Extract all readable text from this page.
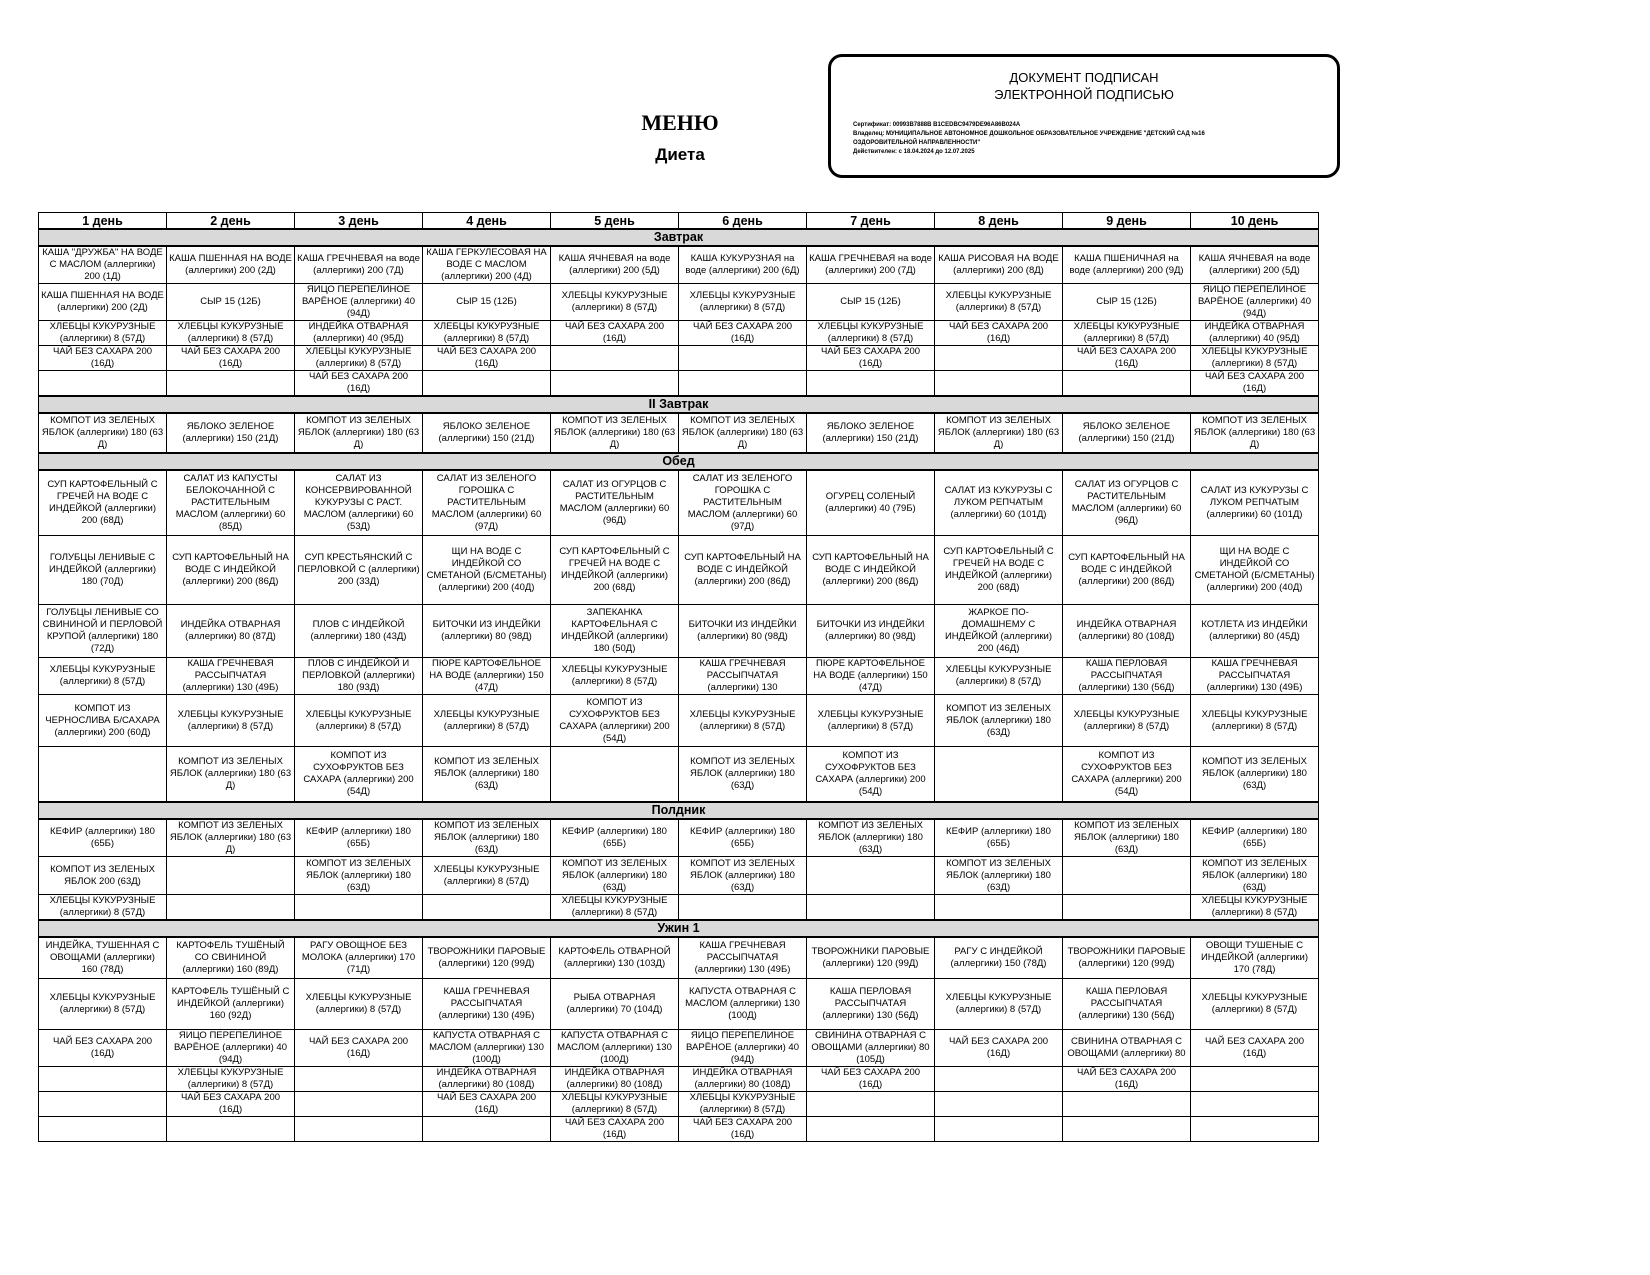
МЕНЮ
Диета
ДОКУМЕНТ ПОДПИСАН
ЭЛЕКТРОННОЙ ПОДПИСЬЮ
Сертификат: 00993B7888B B1CEDBC9479DE96A86B024A
Владелец: МУНИЦИПАЛЬНОЕ АВТОНОМНОЕ ДОШКОЛЬНОЕ ОБРАЗОВАТЕЛЬНОЕ УЧРЕЖДЕНИЕ "ДЕТСКИЙ САД №16
ОЗДОРОВИТЕЛЬНОЙ НАПРАВЛЕННОСТИ"
Действителен: с 18.04.2024 до 12.07.2025
1 день	2 день	3 день	4 день	5 день	6 день	7 день	8 день	9 день	10 день
Завтрак									
КАША "ДРУЖБА" НА ВОДЕ С МАСЛОМ (аллергики) 200 (1Д)	КАША ПШЕННАЯ НА ВОДЕ (аллергики) 200 (2Д)	КАША ГРЕЧНЕВАЯ на воде (аллергики) 200 (7Д)	КАША ГЕРКУЛЕСОВАЯ НА ВОДЕ С МАСЛОМ (аллергики) 200 (4Д)	КАША ЯЧНЕВАЯ на воде (аллергики) 200 (5Д)	КАША КУКУРУЗНАЯ на воде (аллергики) 200 (6Д)	КАША ГРЕЧНЕВАЯ на воде (аллергики) 200 (7Д)	КАША РИСОВАЯ НА ВОДЕ (аллергики) 200 (8Д)	КАША ПШЕНИЧНАЯ на воде (аллергики) 200 (9Д)	КАША ЯЧНЕВАЯ на воде (аллергики) 200 (5Д)
КАША ПШЕННАЯ НА ВОДЕ (аллергики) 200 (2Д)	СЫР 15 (12Б)	ЯИЦО ПЕРЕПЕЛИНОЕ ВАРЁНОЕ (аллергики) 40 (94Д)	СЫР 15 (12Б)	ХЛЕБЦЫ КУКУРУЗНЫЕ (аллергики) 8 (57Д)	ХЛЕБЦЫ КУКУРУЗНЫЕ (аллергики) 8 (57Д)	СЫР 15 (12Б)	ХЛЕБЦЫ КУКУРУЗНЫЕ (аллергики) 8 (57Д)	СЫР 15 (12Б)	ЯИЦО ПЕРЕПЕЛИНОЕ ВАРЁНОЕ (аллергики) 40 (94Д)
ХЛЕБЦЫ КУКУРУЗНЫЕ (аллергики) 8 (57Д)	ХЛЕБЦЫ КУКУРУЗНЫЕ (аллергики) 8 (57Д)	ИНДЕЙКА ОТВАРНАЯ (аллергики) 40 (95Д)	ХЛЕБЦЫ КУКУРУЗНЫЕ (аллергики) 8 (57Д)	ЧАЙ БЕЗ САХАРА 200 (16Д)	ЧАЙ БЕЗ САХАРА 200 (16Д)	ХЛЕБЦЫ КУКУРУЗНЫЕ (аллергики) 8 (57Д)	ЧАЙ БЕЗ САХАРА 200 (16Д)	ХЛЕБЦЫ КУКУРУЗНЫЕ (аллергики) 8 (57Д)	ИНДЕЙКА ОТВАРНАЯ (аллергики) 40 (95Д)
ЧАЙ БЕЗ САХАРА 200 (16Д)	ЧАЙ БЕЗ САХАРА 200 (16Д)	ХЛЕБЦЫ КУКУРУЗНЫЕ (аллергики) 8 (57Д)	ЧАЙ БЕЗ САХАРА 200 (16Д)			ЧАЙ БЕЗ САХАРА 200 (16Д)		ЧАЙ БЕЗ САХАРА 200 (16Д)	ХЛЕБЦЫ КУКУРУЗНЫЕ (аллергики) 8 (57Д)
		ЧАЙ БЕЗ САХАРА 200 (16Д)							ЧАЙ БЕЗ САХАРА 200 (16Д)
II Завтрак									
КОМПОТ ИЗ ЗЕЛЕНЫХ ЯБЛОК (аллергики) 180 (63 Д)	ЯБЛОКО ЗЕЛЕНОЕ (аллергики) 150 (21Д)	КОМПОТ ИЗ ЗЕЛЕНЫХ ЯБЛОК (аллергики) 180 (63 Д)	ЯБЛОКО ЗЕЛЕНОЕ (аллергики) 150 (21Д)	КОМПОТ ИЗ ЗЕЛЕНЫХ ЯБЛОК (аллергики) 180 (63 Д)	КОМПОТ ИЗ ЗЕЛЕНЫХ ЯБЛОК (аллергики) 180 (63 Д)	ЯБЛОКО ЗЕЛЕНОЕ (аллергики) 150 (21Д)	КОМПОТ ИЗ ЗЕЛЕНЫХ ЯБЛОК (аллергики) 180 (63 Д)	ЯБЛОКО ЗЕЛЕНОЕ (аллергики) 150 (21Д)	КОМПОТ ИЗ ЗЕЛЕНЫХ ЯБЛОК (аллергики) 180 (63 Д)
Обед									
СУП КАРТОФЕЛЬНЫЙ С ГРЕЧЕЙ НА ВОДЕ С ИНДЕЙКОЙ (аллергики) 200 (68Д)	САЛАТ ИЗ КАПУСТЫ БЕЛОКОЧАННОЙ С РАСТИТЕЛЬНЫМ МАСЛОМ (аллергики) 60 (85Д)	САЛАТ ИЗ КОНСЕРВИРОВАННОЙ КУКУРУЗЫ С РАСТ. МАСЛОМ (аллергики) 60 (53Д)	САЛАТ ИЗ ЗЕЛЕНОГО ГОРОШКА С РАСТИТЕЛЬНЫМ МАСЛОМ (аллергики) 60 (97Д)	САЛАТ ИЗ ОГУРЦОВ С РАСТИТЕЛЬНЫМ МАСЛОМ (аллергики) 60 (96Д)	САЛАТ ИЗ ЗЕЛЕНОГО ГОРОШКА С РАСТИТЕЛЬНЫМ МАСЛОМ (аллергики) 60 (97Д)	ОГУРЕЦ СОЛЕНЫЙ (аллергики) 40 (79Б)	САЛАТ ИЗ КУКУРУЗЫ С ЛУКОМ РЕПЧАТЫМ (аллергики) 60 (101Д)	САЛАТ ИЗ ОГУРЦОВ С РАСТИТЕЛЬНЫМ МАСЛОМ (аллергики) 60 (96Д)	САЛАТ ИЗ КУКУРУЗЫ С ЛУКОМ РЕПЧАТЫМ (аллергики) 60 (101Д)
ГОЛУБЦЫ ЛЕНИВЫЕ С ИНДЕЙКОЙ (аллергики) 180 (70Д)	СУП КАРТОФЕЛЬНЫЙ НА ВОДЕ С ИНДЕЙКОЙ (аллергики) 200 (86Д)	СУП КРЕСТЬЯНСКИЙ С ПЕРЛОВКОЙ С (аллергики) 200 (33Д)	ЩИ НА ВОДЕ С ИНДЕЙКОЙ СО СМЕТАНОЙ (Б/СМЕТАНЫ) (аллергики) 200 (40Д)	СУП КАРТОФЕЛЬНЫЙ С ГРЕЧЕЙ НА ВОДЕ С ИНДЕЙКОЙ (аллергики) 200 (68Д)	СУП КАРТОФЕЛЬНЫЙ НА ВОДЕ С ИНДЕЙКОЙ (аллергики) 200 (86Д)	СУП КАРТОФЕЛЬНЫЙ НА ВОДЕ С ИНДЕЙКОЙ (аллергики) 200 (86Д)	СУП КАРТОФЕЛЬНЫЙ С ГРЕЧЕЙ НА ВОДЕ С ИНДЕЙКОЙ (аллергики) 200 (68Д)	СУП КАРТОФЕЛЬНЫЙ НА ВОДЕ С ИНДЕЙКОЙ (аллергики) 200 (86Д)	ЩИ НА ВОДЕ С ИНДЕЙКОЙ СО СМЕТАНОЙ (Б/СМЕТАНЫ) (аллергики) 200 (40Д)
ГОЛУБЦЫ ЛЕНИВЫЕ СО СВИНИНОЙ И ПЕРЛОВОЙ КРУПОЙ (аллергики) 180 (72Д)	ИНДЕЙКА ОТВАРНАЯ (аллергики) 80 (87Д)	ПЛОВ С ИНДЕЙКОЙ (аллергики) 180 (43Д)	БИТОЧКИ ИЗ ИНДЕЙКИ (аллергики) 80 (98Д)	ЗАПЕКАНКА КАРТОФЕЛЬНАЯ С ИНДЕЙКОЙ (аллергики) 180 (50Д)	БИТОЧКИ ИЗ ИНДЕЙКИ (аллергики) 80 (98Д)	БИТОЧКИ ИЗ ИНДЕЙКИ (аллергики) 80 (98Д)	ЖАРКОЕ ПО-ДОМАШНЕМУ С ИНДЕЙКОЙ (аллергики) 200 (46Д)	ИНДЕЙКА ОТВАРНАЯ (аллергики) 80 (108Д)	КОТЛЕТА ИЗ ИНДЕЙКИ (аллергики) 80 (45Д)
ХЛЕБЦЫ КУКУРУЗНЫЕ (аллергики) 8 (57Д)	КАША ГРЕЧНЕВАЯ РАССЫПЧАТАЯ (аллергики) 130 (49Б)	ПЛОВ С ИНДЕЙКОЙ И ПЕРЛОВКОЙ (аллергики) 180 (93Д)	ПЮРЕ КАРТОФЕЛЬНОЕ НА ВОДЕ (аллергики) 150 (47Д)	ХЛЕБЦЫ КУКУРУЗНЫЕ (аллергики) 8 (57Д)	КАША ГРЕЧНЕВАЯ РАССЫПЧАТАЯ (аллергики) 130	ПЮРЕ КАРТОФЕЛЬНОЕ НА ВОДЕ (аллергики) 150 (47Д)	ХЛЕБЦЫ КУКУРУЗНЫЕ (аллергики) 8 (57Д)	КАША ПЕРЛОВАЯ РАССЫПЧАТАЯ (аллергики) 130 (56Д)	КАША ГРЕЧНЕВАЯ РАССЫПЧАТАЯ (аллергики) 130 (49Б)
КОМПОТ ИЗ ЧЕРНОСЛИВА Б/САХАРА (аллергики) 200 (60Д)	ХЛЕБЦЫ КУКУРУЗНЫЕ (аллергики) 8 (57Д)	ХЛЕБЦЫ КУКУРУЗНЫЕ (аллергики) 8 (57Д)	ХЛЕБЦЫ КУКУРУЗНЫЕ (аллергики) 8 (57Д)	КОМПОТ ИЗ СУХОФРУКТОВ БЕЗ САХАРА (аллергики) 200 (54Д)	ХЛЕБЦЫ КУКУРУЗНЫЕ (аллергики) 8 (57Д)	ХЛЕБЦЫ КУКУРУЗНЫЕ (аллергики) 8 (57Д)	КОМПОТ ИЗ ЗЕЛЕНЫХ ЯБЛОК (аллергики) 180 (63Д)	ХЛЕБЦЫ КУКУРУЗНЫЕ (аллергики) 8 (57Д)	ХЛЕБЦЫ КУКУРУЗНЫЕ (аллергики) 8 (57Д)
	КОМПОТ ИЗ ЗЕЛЕНЫХ ЯБЛОК (аллергики) 180 (63 Д)	КОМПОТ ИЗ СУХОФРУКТОВ БЕЗ САХАРА (аллергики) 200 (54Д)	КОМПОТ ИЗ ЗЕЛЕНЫХ ЯБЛОК (аллергики) 180 (63Д)		КОМПОТ ИЗ ЗЕЛЕНЫХ ЯБЛОК (аллергики) 180 (63Д)	КОМПОТ ИЗ СУХОФРУКТОВ БЕЗ САХАРА (аллергики) 200 (54Д)		КОМПОТ ИЗ СУХОФРУКТОВ БЕЗ САХАРА (аллергики) 200 (54Д)	КОМПОТ ИЗ ЗЕЛЕНЫХ ЯБЛОК (аллергики) 180 (63Д)
Полдник									
КЕФИР (аллергики) 180 (65Б)	КОМПОТ ИЗ ЗЕЛЕНЫХ ЯБЛОК (аллергики) 180 (63 Д)	КЕФИР (аллергики) 180 (65Б)	КОМПОТ ИЗ ЗЕЛЕНЫХ ЯБЛОК (аллергики) 180 (63Д)	КЕФИР (аллергики) 180 (65Б)	КЕФИР (аллергики) 180 (65Б)	КОМПОТ ИЗ ЗЕЛЕНЫХ ЯБЛОК (аллергики) 180 (63Д)	КЕФИР (аллергики) 180 (65Б)	КОМПОТ ИЗ ЗЕЛЕНЫХ ЯБЛОК (аллергики) 180 (63Д)	КЕФИР (аллергики) 180 (65Б)
КОМПОТ ИЗ ЗЕЛЕНЫХ ЯБЛОК 200 (63Д)		КОМПОТ ИЗ ЗЕЛЕНЫХ ЯБЛОК (аллергики) 180 (63Д)	ХЛЕБЦЫ КУКУРУЗНЫЕ (аллергики) 8 (57Д)	КОМПОТ ИЗ ЗЕЛЕНЫХ ЯБЛОК (аллергики) 180 (63Д)	КОМПОТ ИЗ ЗЕЛЕНЫХ ЯБЛОК (аллергики) 180 (63Д)		КОМПОТ ИЗ ЗЕЛЕНЫХ ЯБЛОК (аллергики) 180 (63Д)		КОМПОТ ИЗ ЗЕЛЕНЫХ ЯБЛОК (аллергики) 180 (63Д)
ХЛЕБЦЫ КУКУРУЗНЫЕ (аллергики) 8 (57Д)				ХЛЕБЦЫ КУКУРУЗНЫЕ (аллергики) 8 (57Д)					ХЛЕБЦЫ КУКУРУЗНЫЕ (аллергики) 8 (57Д)
Ужин 1									
ИНДЕЙКА, ТУШЕННАЯ С ОВОЩАМИ (аллергики) 160 (78Д)	КАРТОФЕЛЬ ТУШЁНЫЙ СО СВИНИНОЙ (аллергики) 160 (89Д)	РАГУ ОВОЩНОЕ БЕЗ МОЛОКА (аллергики) 170 (71Д)	ТВОРОЖНИКИ ПАРОВЫЕ (аллергики) 120 (99Д)	КАРТОФЕЛЬ ОТВАРНОЙ (аллергики) 130 (103Д)	КАША ГРЕЧНЕВАЯ РАССЫПЧАТАЯ (аллергики) 130 (49Б)	ТВОРОЖНИКИ ПАРОВЫЕ (аллергики) 120 (99Д)	РАГУ С ИНДЕЙКОЙ (аллергики) 150 (78Д)	ТВОРОЖНИКИ ПАРОВЫЕ (аллергики) 120 (99Д)	ОВОЩИ ТУШЕНЫЕ С ИНДЕЙКОЙ (аллергики) 170 (78Д)
ХЛЕБЦЫ КУКУРУЗНЫЕ (аллергики) 8 (57Д)	КАРТОФЕЛЬ ТУШЁНЫЙ С ИНДЕЙКОЙ (аллергики) 160 (92Д)	ХЛЕБЦЫ КУКУРУЗНЫЕ (аллергики) 8 (57Д)	КАША ГРЕЧНЕВАЯ РАССЫПЧАТАЯ (аллергики) 130 (49Б)	РЫБА ОТВАРНАЯ (аллергики) 70 (104Д)	КАПУСТА ОТВАРНАЯ С МАСЛОМ (аллергики) 130 (100Д)	КАША ПЕРЛОВАЯ РАССЫПЧАТАЯ (аллергики) 130 (56Д)	ХЛЕБЦЫ КУКУРУЗНЫЕ (аллергики) 8 (57Д)	КАША ПЕРЛОВАЯ РАССЫПЧАТАЯ (аллергики) 130 (56Д)	ХЛЕБЦЫ КУКУРУЗНЫЕ (аллергики) 8 (57Д)
ЧАЙ БЕЗ САХАРА 200 (16Д)	ЯИЦО ПЕРЕПЕЛИНОЕ ВАРЁНОЕ (аллергики) 40 (94Д)	ЧАЙ БЕЗ САХАРА 200 (16Д)	КАПУСТА ОТВАРНАЯ С МАСЛОМ (аллергики) 130 (100Д)	КАПУСТА ОТВАРНАЯ С МАСЛОМ (аллергики) 130 (100Д)	ЯИЦО ПЕРЕПЕЛИНОЕ ВАРЁНОЕ (аллергики) 40 (94Д)	СВИНИНА ОТВАРНАЯ С ОВОЩАМИ (аллергики) 80 (105Д)	ЧАЙ БЕЗ САХАРА 200 (16Д)	СВИНИНА ОТВАРНАЯ С ОВОЩАМИ (аллергики) 80	ЧАЙ БЕЗ САХАРА 200 (16Д)
	ХЛЕБЦЫ КУКУРУЗНЫЕ (аллергики) 8 (57Д)		ИНДЕЙКА ОТВАРНАЯ (аллергики) 80 (108Д)	ИНДЕЙКА ОТВАРНАЯ (аллергики) 80 (108Д)	ИНДЕЙКА ОТВАРНАЯ (аллергики) 80 (108Д)	ЧАЙ БЕЗ САХАРА 200 (16Д)		ЧАЙ БЕЗ САХАРА 200 (16Д)	
	ЧАЙ БЕЗ САХАРА 200 (16Д)		ЧАЙ БЕЗ САХАРА 200 (16Д)	ХЛЕБЦЫ КУКУРУЗНЫЕ (аллергики) 8 (57Д)	ХЛЕБЦЫ КУКУРУЗНЫЕ (аллергики) 8 (57Д)				
				ЧАЙ БЕЗ САХАРА 200 (16Д)	ЧАЙ БЕЗ САХАРА 200 (16Д)				
